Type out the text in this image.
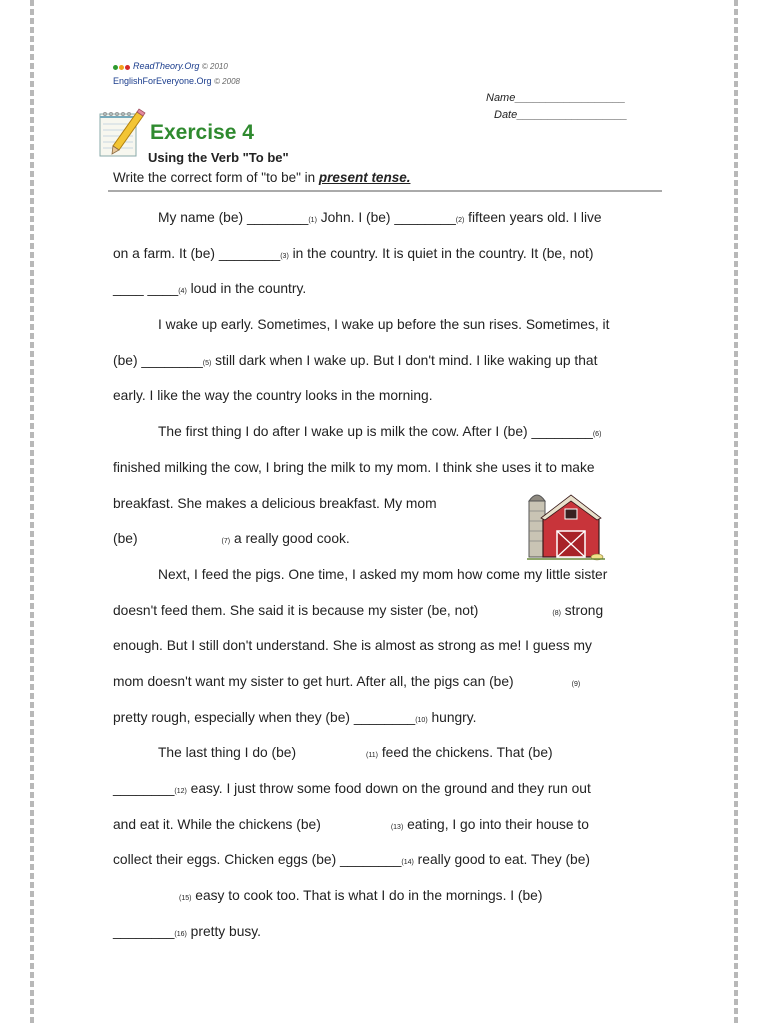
ReadTheory.Org © 2010
EnglishForEveryone.Org © 2008
Name__________________
Date__________________
Exercise 4
Using the Verb "To be"
Write the correct form of "to be" in present tense.
My name (be) ________(1) John. I (be) ________(2) fifteen years old. I live
on a farm. It (be) ________(3) in the country. It is quiet in the country. It (be, not)
____ ____(4) loud in the country.
I wake up early. Sometimes, I wake up before the sun rises. Sometimes, it
(be) ________(5) still dark when I wake up. But I don't mind. I like waking up that
early. I like the way the country looks in the morning.
The first thing I do after I wake up is milk the cow. After I (be) ________(6)
finished milking the cow, I bring the milk to my mom. I think she uses it to make
breakfast. She makes a delicious breakfast. My mom
(be)	(7) a really good cook.
Next, I feed the pigs. One time, I asked my mom how come my little sister
doesn't feed them. She said it is because my sister (be, not)	(8) strong
enough. But I still don't understand. She is almost as strong as me! I guess my
mom doesn't want my sister to get hurt. After all, the pigs can (be)	(9)
pretty rough, especially when they (be) ________(10) hungry.
The last thing I do (be)	(11) feed the chickens. That (be)
________(12) easy. I just throw some food down on the ground and they run out
and eat it. While the chickens (be)	(13) eating, I go into their house to
collect their eggs. Chicken eggs (be) ________(14) really good to eat. They (be)
(15) easy to cook too. That is what I do in the mornings. I (be)
________(16) pretty busy.
